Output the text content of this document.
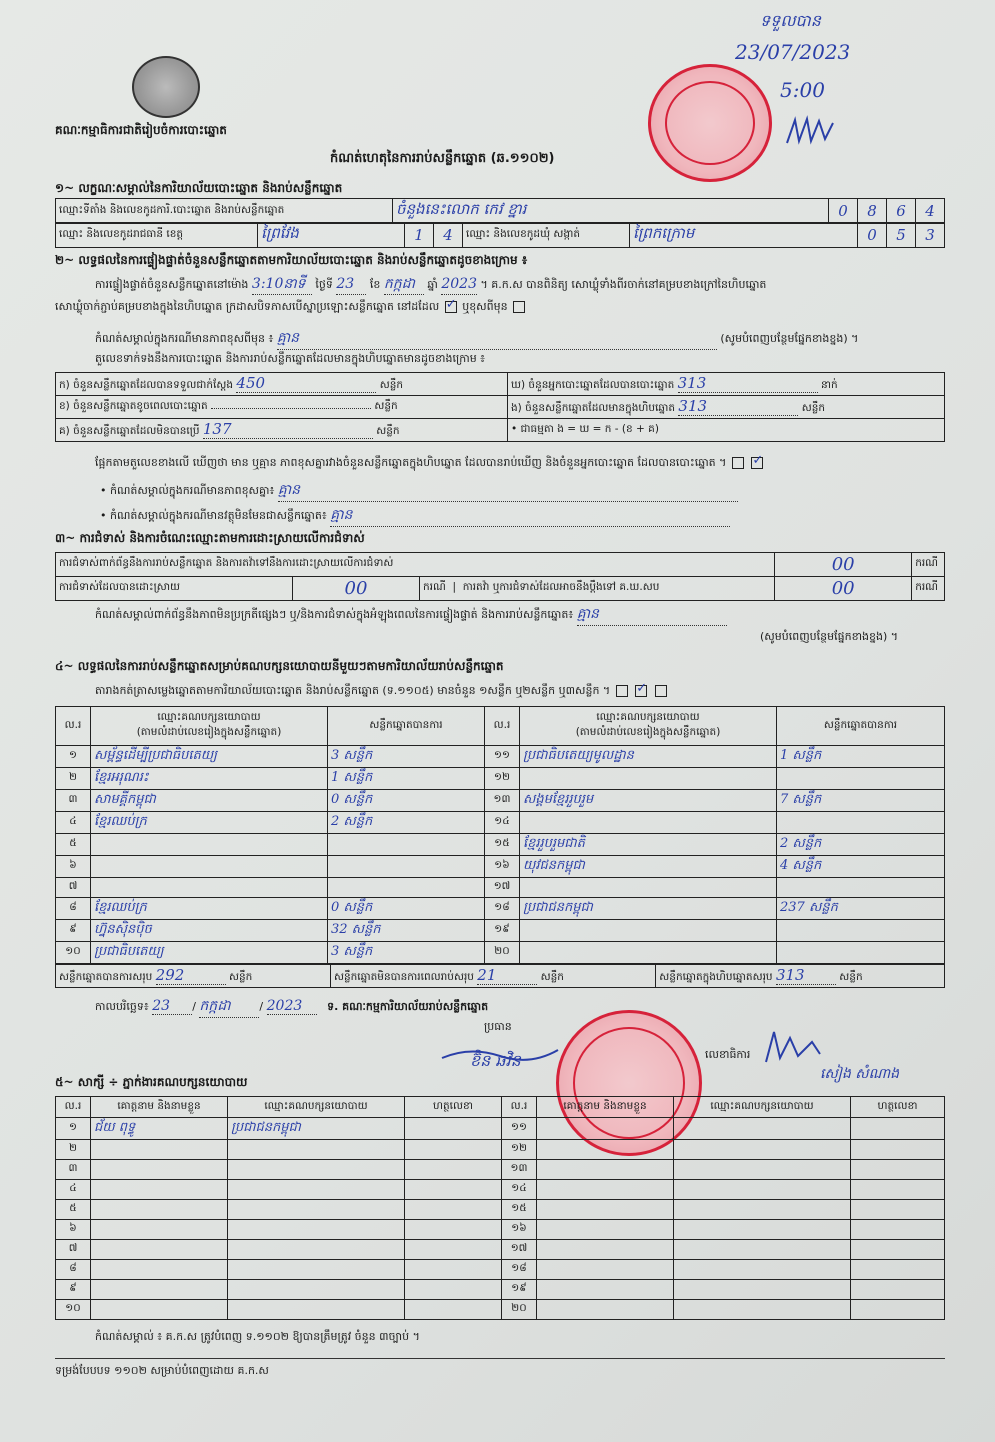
គណៈកម្មាធិការជាតិរៀបចំការបោះឆ្នោត
កំណត់ហេតុនៃការរាប់សន្លឹកឆ្នោត (ឆ.១១០២)
ទទួលបាន
23/07/2023
5:00
១~ លក្ខណៈសម្គាល់នៃការិយាល័យបោះឆ្នោត និងរាប់សន្លឹកឆ្នោត
ឈ្មោះទីតាំង និងលេខកូដការិ.បោះឆ្នោត និងរាប់សន្លឹកឆ្នោត	ចំនួងនេះលោក កេវ ខ្នារ	0	8	6	4
ឈ្មោះ និងលេខកូដរាជធានី ខេត្ត	ព្រៃវែង	1	4	ឈ្មោះ និងលេខកូដឃុំ សង្កាត់	ព្រៃកក្រោម	0	5	3
២~ លទ្ធផលនៃការផ្ទៀងផ្ទាត់ចំនួនសន្លឹកឆ្នោតតាមការិយាល័យបោះឆ្នោត និងរាប់សន្លឹកឆ្នោតដូចខាងក្រោម ៖
ការផ្ទៀងផ្ទាត់ចំនួនសន្លឹកឆ្នោតនៅម៉ោង 3:10នាទី ថ្ងៃទី 23 ខែ កក្កដា ឆ្នាំ 2023 ។ គ.ក.ស បានពិនិត្យ សោឃ្លុំទាំងពីរចាក់នៅគម្របខាងក្រៅនៃហិបឆ្នោត
សោឃ្លុំចាក់ភ្ជាប់គម្របខាងក្នុងនៃហិបឆ្នោត ក្រដាសបិទភាសបើស្នាប្រឡោះសន្លឹកឆ្នោត នៅដដែល ✓ ឬខុសពីមុន
កំណត់សម្គាល់ក្នុងករណីមានភាពខុសពីមុន ៖ គ្មាន	(សូមបំពេញបន្ថែមផ្នែកខាងខ្នង) ។
តួលេខទាក់ទងនឹងការបោះឆ្នោត និងការរាប់សន្លឹកឆ្នោតដែលមានក្នុងហិបឆ្នោតមានដូចខាងក្រោម ៖
ក) ចំនួនសន្លឹកឆ្នោតដែលបានទទួលជាក់ស្តែង 450 សន្លឹក	ឃ) ចំនួនអ្នកបោះឆ្នោតដែលបានបោះឆ្នោត 313 នាក់
ខ) ចំនួនសន្លឹកឆ្នោតខូចពេលបោះឆ្នោត សន្លឹក	ង) ចំនួនសន្លឹកឆ្នោតដែលមានក្នុងហិបឆ្នោត 313 សន្លឹក
គ) ចំនួនសន្លឹកឆ្នោតដែលមិនបានប្រើ 137 សន្លឹក	• ជាធម្មតា ង = ឃ = ក - (ខ + គ)
ផ្អែកតាមតួលេខខាងលើ ឃើញថា មាន ឬគ្មាន ភាពខុសគ្នារវាងចំនួនសន្លឹកឆ្នោតក្នុងហិបឆ្នោត ដែលបានរាប់ឃើញ និងចំនួនអ្នកបោះឆ្នោត ដែលបានបោះឆ្នោត ។  ✓
• កំណត់សម្គាល់ក្នុងករណីមានភាពខុសគ្នា៖ គ្មាន
• កំណត់សម្គាល់ក្នុងករណីមានវត្ថុមិនមែនជាសន្លឹកឆ្នោត៖ គ្មាន
៣~ ការជំទាស់ និងការចំណេះឈ្មោះតាមការដោះស្រាយលើការជំទាស់
ការជំទាស់ពាក់ព័ន្ធនឹងការរាប់សន្លឹកឆ្នោត និងការតវ៉ាទៅនឹងការដោះស្រាយលើការជំទាស់			00	ករណី
ការជំទាស់ដែលបានដោះស្រាយ	00	ករណី  |  ការតវ៉ា ឬការជំទាស់ដែលអាចនឹងប្តឹងទៅ គ.ឃ.សប	00	ករណី
កំណត់សម្គាល់ពាក់ព័ន្ធនឹងភាពមិនប្រក្រតីផ្សេងៗ ឬ/និងការជំទាស់ក្នុងអំឡុងពេលនៃការផ្ទៀងផ្ទាត់ និងការរាប់សន្លឹកឆ្នោត៖ គ្មាន
(សូមបំពេញបន្ថែមផ្នែកខាងខ្នង) ។
៤~ លទ្ធផលនៃការរាប់សន្លឹកឆ្នោតសម្រាប់គណបក្សនយោបាយនីមួយៗតាមការិយាល័យរាប់សន្លឹកឆ្នោត
តារាងកត់ត្រាសម្លេងឆ្នោតតាមការិយាល័យបោះឆ្នោត និងរាប់សន្លឹកឆ្នោត (ទ.១១០៥) មានចំនួន ១សន្លឹក ឬ២សន្លឹក ឬ៣សន្លឹក ។  ✓
ល.រ	ឈ្មោះគណបក្សនយោបាយ
(តាមលំដាប់លេខរៀងក្នុងសន្លឹកឆ្នោត)	សន្លឹកឆ្នោតបានការ	ល.រ	ឈ្មោះគណបក្សនយោបាយ
(តាមលំដាប់លេខរៀងក្នុងសន្លឹកឆ្នោត)	សន្លឹកឆ្នោតបានការ
១	សម្ព័ន្ធដើម្បីប្រជាធិបតេយ្យ	3 សន្លឹក	១១	ប្រជាធិបតេយ្យមូលដ្ឋាន	1 សន្លឹក
២	ខ្មែរអរុណរះ	1 សន្លឹក	១២		
៣	សាមគ្គីកម្ពុជា	0 សន្លឹក	១៣	សង្គមខ្មែររួបរួម	7 សន្លឹក
៤	ខ្មែរឈប់ក្រ	2 សន្លឹក	១៤		
៥			១៥	ខ្មែររួបរួមជាតិ	2 សន្លឹក
៦			១៦	យុវជនកម្ពុជា	4 សន្លឹក
៧			១៧		
៨	ខ្មែរឈប់ក្រ	0 សន្លឹក	១៨	ប្រជាជនកម្ពុជា	237 សន្លឹក
៩	ហ្វ៊ុនស៊ិនប៉ិច	32 សន្លឹក	១៩		
១០	ប្រជាធិបតេយ្យ	3 សន្លឹក	២០		
សន្លឹកឆ្នោតបានការសរុប 292	សន្លឹក	សន្លឹកឆ្នោតមិនបានការពេលរាប់សរុប 21	សន្លឹក	សន្លឹកឆ្នោតក្នុងហិបឆ្នោតសរុប 313	សន្លឹក
កាលបរិច្ឆេទ៖ 23 / កក្កដា	/ 2023 ទ. គណៈកម្មការិយាល័យរាប់សន្លឹកឆ្នោត
ប្រធាន
ខ៊ិន ឆវិន	លេខាធិការ
សៀង សំណាង
៥~ សាក្សី ÷ ភ្នាក់ងារគណបក្សនយោបាយ
ល.រ	គោត្តនាម និងនាមខ្លួន	ឈ្មោះគណបក្សនយោបាយ	ហត្ថលេខា	ល.រ	គោត្តនាម និងនាមខ្លួន	ឈ្មោះគណបក្សនយោបាយ	ហត្ថលេខា
១	ជ័យ ពុទ្ធូ	ប្រជាជនកម្ពុជា		១១			
២				១២			
៣				១៣			
៤				១៤			
៥				១៥			
៦				១៦			
៧				១៧			
៨				១៨			
៩				១៩			
១០				២០			
កំណត់សម្គាល់ ៖ គ.ក.ស ត្រូវបំពេញ ទ.១១០២ ឱ្យបានត្រឹមត្រូវ ចំនួន ៣ច្បាប់ ។
ទម្រង់បែបបទ ១១០២ សម្រាប់បំពេញដោយ គ.ក.ស
